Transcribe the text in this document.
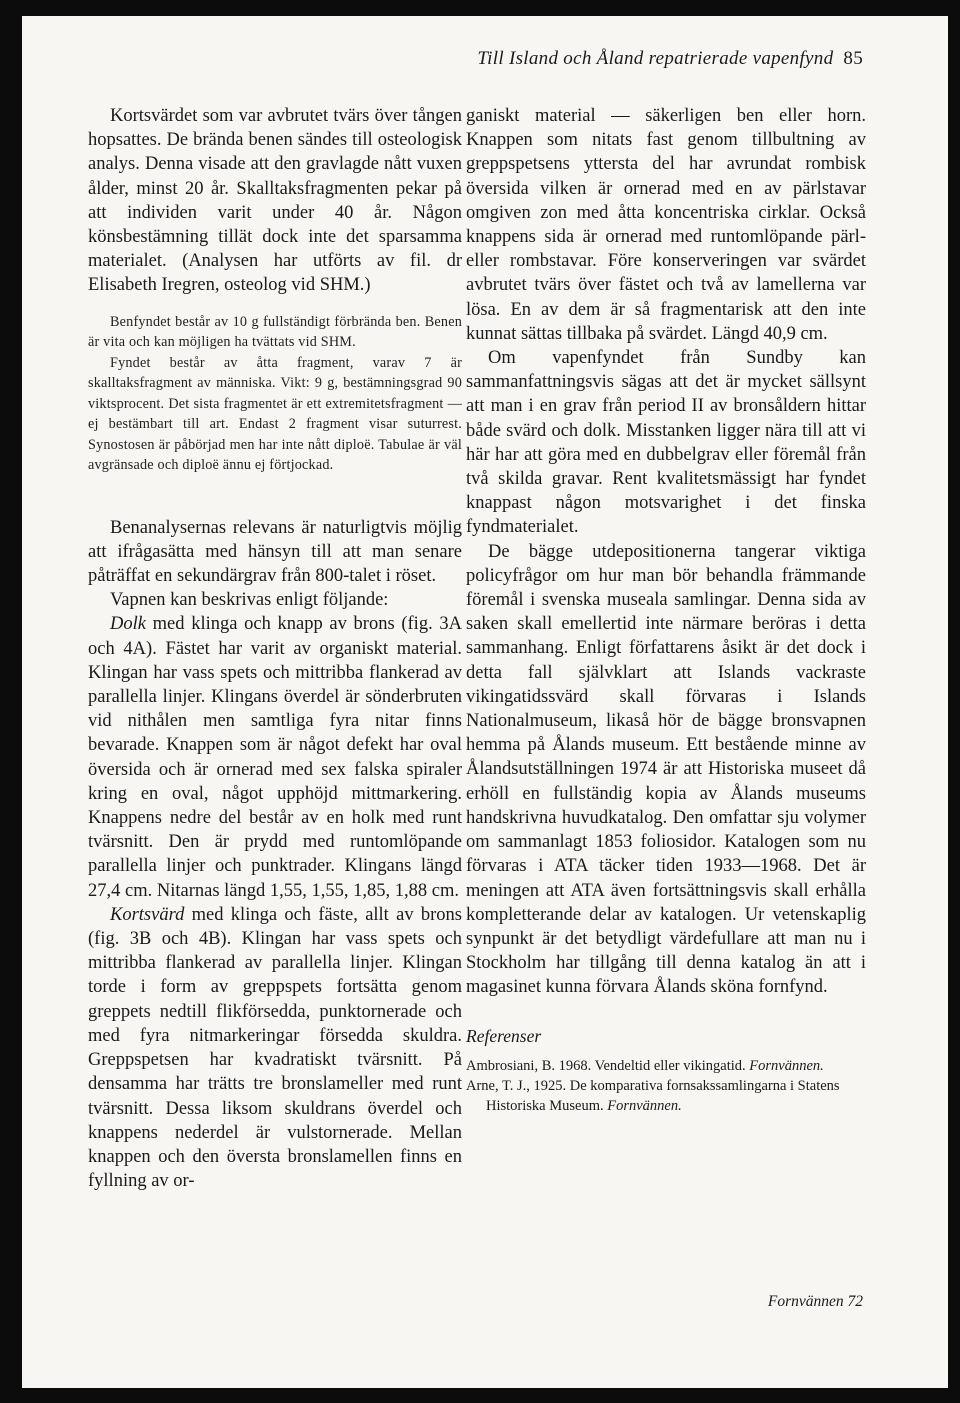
Till Island och Åland repatrierade vapenfynd 85

Kortsvärdet som var avbrutet tvärs över tången hopsattes. De brända benen sändes till osteologisk analys. Denna visade att den gravlagde nått vuxen ålder, minst 20 år. Skalltaksfragmenten pekar på att individen varit under 40 år. Någon könsbestämning tillät dock inte det sparsamma materialet. (Analysen har utförts av fil. dr Elisabeth Iregren, osteolog vid SHM.)

Benfyndet består av 10 g fullständigt förbrända ben. Benen är vita och kan möjligen ha tvättats vid SHM.

Fyndet består av åtta fragment, varav 7 är skalltaksfragment av människa. Vikt: 9 g, bestämningsgrad 90 viktsprocent. Det sista fragmentet är ett extremitetsfragment — ej bestämbart till art. Endast 2 fragment visar suturrest. Synostosen är påbörjad men har inte nått diploë. Tabulae är väl avgränsade och diploë ännu ej förtjockad.

Benanalysernas relevans är naturligtvis möjlig att ifrågasätta med hänsyn till att man senare påträffat en sekundärgrav från 800-talet i röset.

Vapnen kan beskrivas enligt följande:

Dolk med klinga och knapp av brons (fig. 3A och 4A). Fästet har varit av organiskt material. Klingan har vass spets och mittribba flankerad av parallella linjer. Klingans överdel är sönderbruten vid nithålen men samtliga fyra nitar finns bevarade. Knappen som är något defekt har oval översida och är ornerad med sex falska spiraler kring en oval, något upphöjd mittmarkering. Knappens nedre del består av en holk med runt tvärsnitt. Den är prydd med runtomlöpande parallella linjer och punktrader. Klingans längd 27,4 cm. Nitarnas längd 1,55, 1,55, 1,85, 1,88 cm.

Kortsvärd med klinga och fäste, allt av brons (fig. 3B och 4B). Klingan har vass spets och mittribba flankerad av parallella linjer. Klingan torde i form av greppspets fortsätta genom greppets nedtill flikförsedda, punktornerade och med fyra nitmarkeringar försedda skuldra. Greppspetsen har kvadratiskt tvärsnitt. På densamma har trätts tre bronslameller med runt tvärsnitt. Dessa liksom skuldrans överdel och knappens nederdel är vulstornerade. Mellan knappen och den översta bronslamellen finns en fyllning av or-

ganiskt material — säkerligen ben eller horn. Knappen som nitats fast genom tillbultning av greppspetsens yttersta del har avrundat rombisk översida vilken är ornerad med en av pärlstavar omgiven zon med åtta koncentriska cirklar. Också knappens sida är ornerad med runtomlöpande pärl- eller rombstavar. Före konserveringen var svärdet avbrutet tvärs över fästet och två av lamellerna var lösa. En av dem är så fragmentarisk att den inte kunnat sättas tillbaka på svärdet. Längd 40,9 cm.

Om vapenfyndet från Sundby kan sammanfattningsvis sägas att det är mycket sällsynt att man i en grav från period II av bronsåldern hittar både svärd och dolk. Misstanken ligger nära till att vi här har att göra med en dubbelgrav eller föremål från två skilda gravar. Rent kvalitetsmässigt har fyndet knappast någon motsvarighet i det finska fyndmaterialet.

De bägge utdepositionerna tangerar viktiga policyfrågor om hur man bör behandla främmande föremål i svenska museala samlingar. Denna sida av saken skall emellertid inte närmare beröras i detta sammanhang. Enligt författarens åsikt är det dock i detta fall självklart att Islands vackraste vikingatidssvärd skall förvaras i Islands Nationalmuseum, likaså hör de bägge bronsvapnen hemma på Ålands museum. Ett bestående minne av Ålandsutställningen 1974 är att Historiska museet då erhöll en fullständig kopia av Ålands museums handskrivna huvudkatalog. Den omfattar sju volymer om sammanlagt 1853 foliosidor. Katalogen som nu förvaras i ATA täcker tiden 1933—1968. Det är meningen att ATA även fortsättningsvis skall erhålla kompletterande delar av katalogen. Ur vetenskaplig synpunkt är det betydligt värdefullare att man nu i Stockholm har tillgång till denna katalog än att i magasinet kunna förvara Ålands sköna fornfynd.

Referenser

Ambrosiani, B. 1968. Vendeltid eller vikingatid. Fornvännen.

Arne, T. J., 1925. De komparativa fornsakssamlingarna i Statens Historiska Museum. Fornvännen.

Fornvännen 72
